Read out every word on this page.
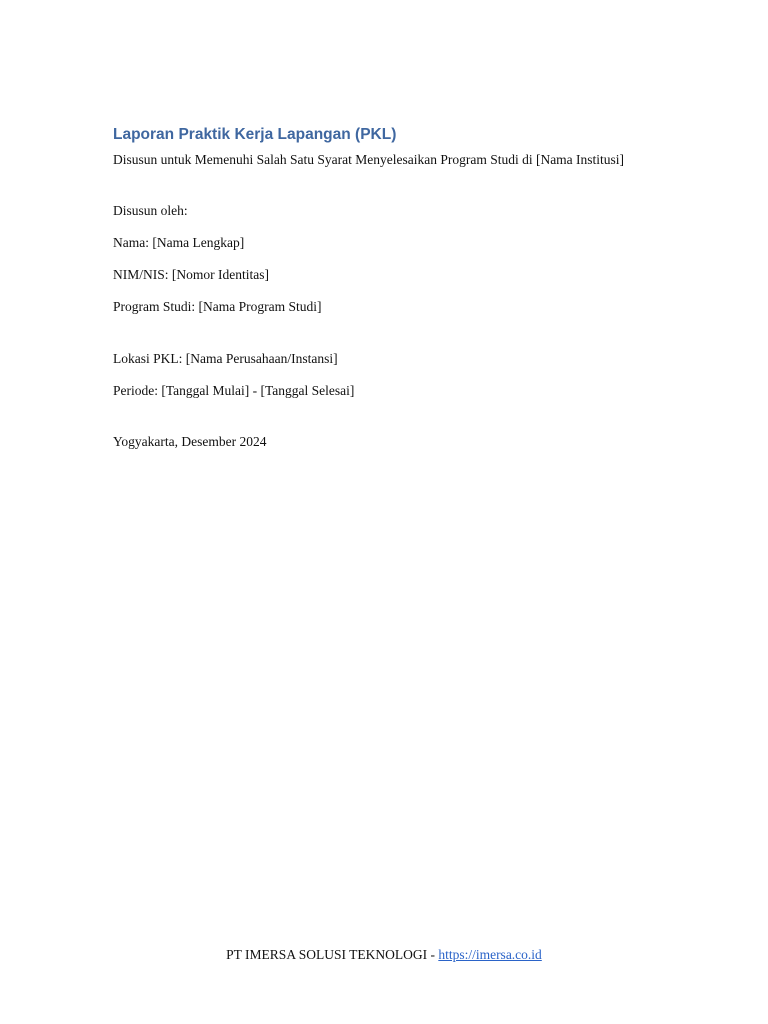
Laporan Praktik Kerja Lapangan (PKL)

Disusun untuk Memenuhi Salah Satu Syarat Menyelesaikan Program Studi di [Nama Institusi]

Disusun oleh:

Nama: [Nama Lengkap]

NIM/NIS: [Nomor Identitas]

Program Studi: [Nama Program Studi]

Lokasi PKL: [Nama Perusahaan/Instansi]

Periode: [Tanggal Mulai] - [Tanggal Selesai]

Yogyakarta, Desember 2024

PT IMERSA SOLUSI TEKNOLOGI - https://imersa.co.id
